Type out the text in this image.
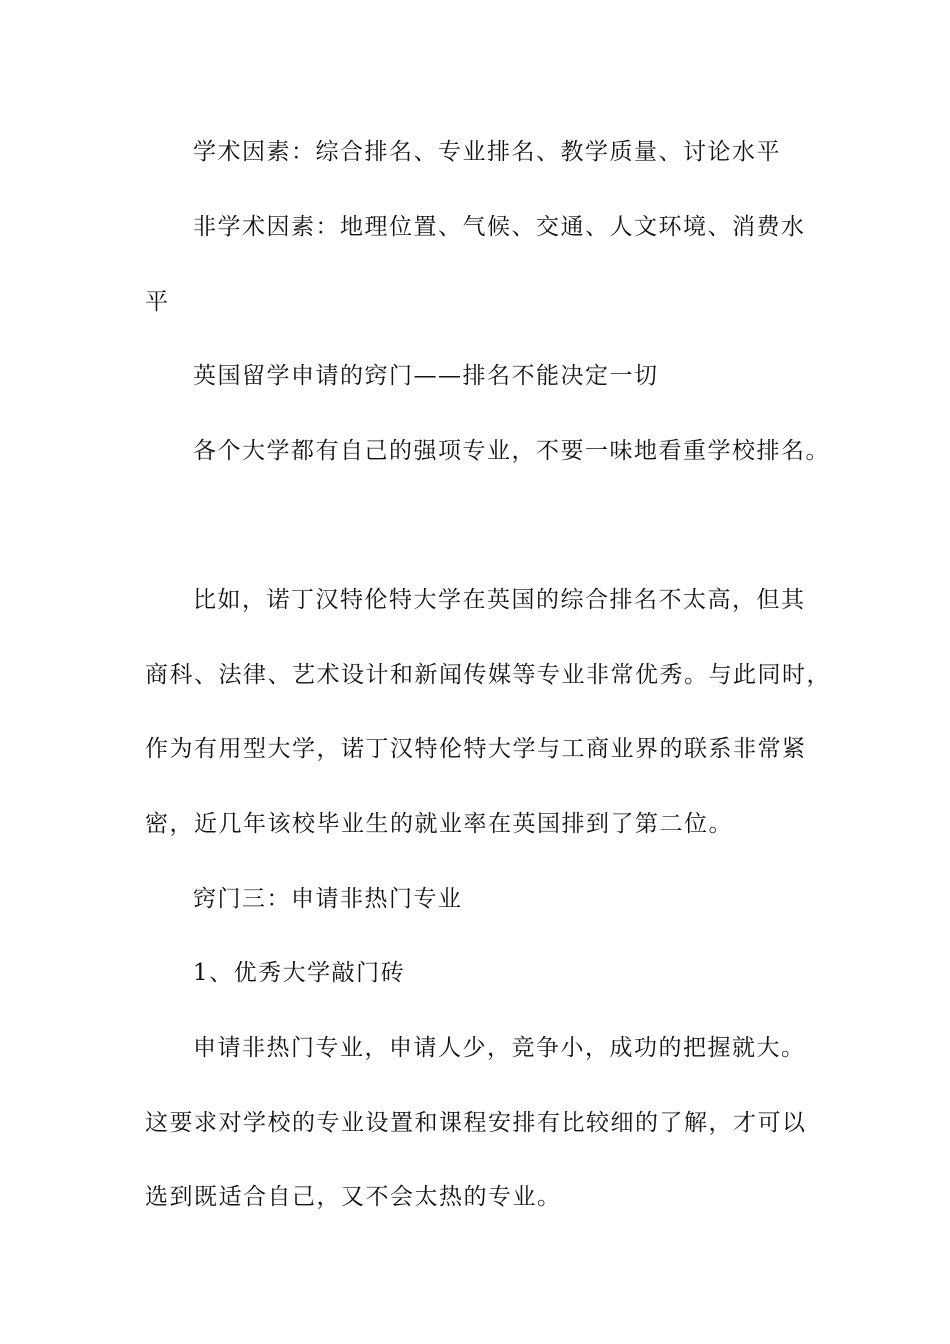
学术因素：综合排名、专业排名、教学质量、讨论水平
非学术因素：地理位置、气候、交通、人文环境、消费水
平
英国留学申请的窍门——排名不能决定一切
各个大学都有自己的强项专业，不要一味地看重学校排名。
比如，诺丁汉特伦特大学在英国的综合排名不太高，但其
商科、法律、艺术设计和新闻传媒等专业非常优秀。与此同时，
作为有用型大学，诺丁汉特伦特大学与工商业界的联系非常紧
密，近几年该校毕业生的就业率在英国排到了第二位。
窍门三：申请非热门专业
1、优秀大学敲门砖
申请非热门专业，申请人少，竞争小，成功的把握就大。
这要求对学校的专业设置和课程安排有比较细的了解，才可以
选到既适合自己，又不会太热的专业。
